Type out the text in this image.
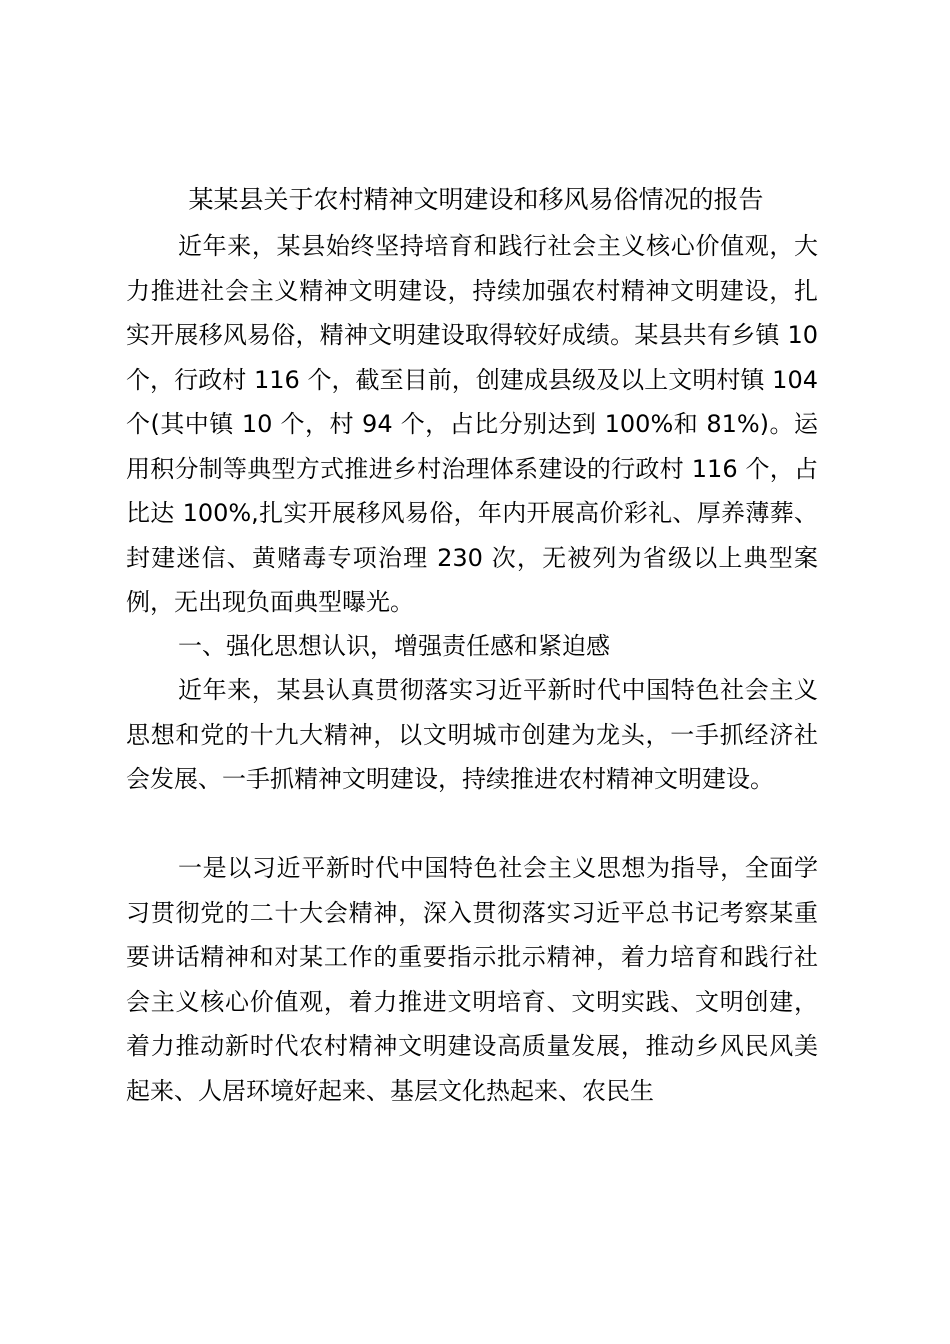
某某县关于农村精神文明建设和移风易俗情况的报告

近年来，某县始终坚持培育和践行社会主义核心价值观，大力推进社会主义精神文明建设，持续加强农村精神文明建设，扎实开展移风易俗，精神文明建设取得较好成绩。某县共有乡镇 10 个，行政村 116 个，截至目前，创建成县级及以上文明村镇 104 个(其中镇 10 个，村 94 个，占比分别达到 100%和 81%)。运用积分制等典型方式推进乡村治理体系建设的行政村 116 个，占比达 100%,扎实开展移风易俗，年内开展高价彩礼、厚养薄葬、封建迷信、黄赌毒专项治理 230 次，无被列为省级以上典型案例，无出现负面典型曝光。

一、强化思想认识，增强责任感和紧迫感

近年来，某县认真贯彻落实习近平新时代中国特色社会主义思想和党的十九大精神，以文明城市创建为龙头，一手抓经济社会发展、一手抓精神文明建设，持续推进农村精神文明建设。

一是以习近平新时代中国特色社会主义思想为指导，全面学习贯彻党的二十大会精神，深入贯彻落实习近平总书记考察某重要讲话精神和对某工作的重要指示批示精神，着力培育和践行社会主义核心价值观，着力推进文明培育、文明实践、文明创建，着力推动新时代农村精神文明建设高质量发展，推动乡风民风美起来、人居环境好起来、基层文化热起来、农民生
